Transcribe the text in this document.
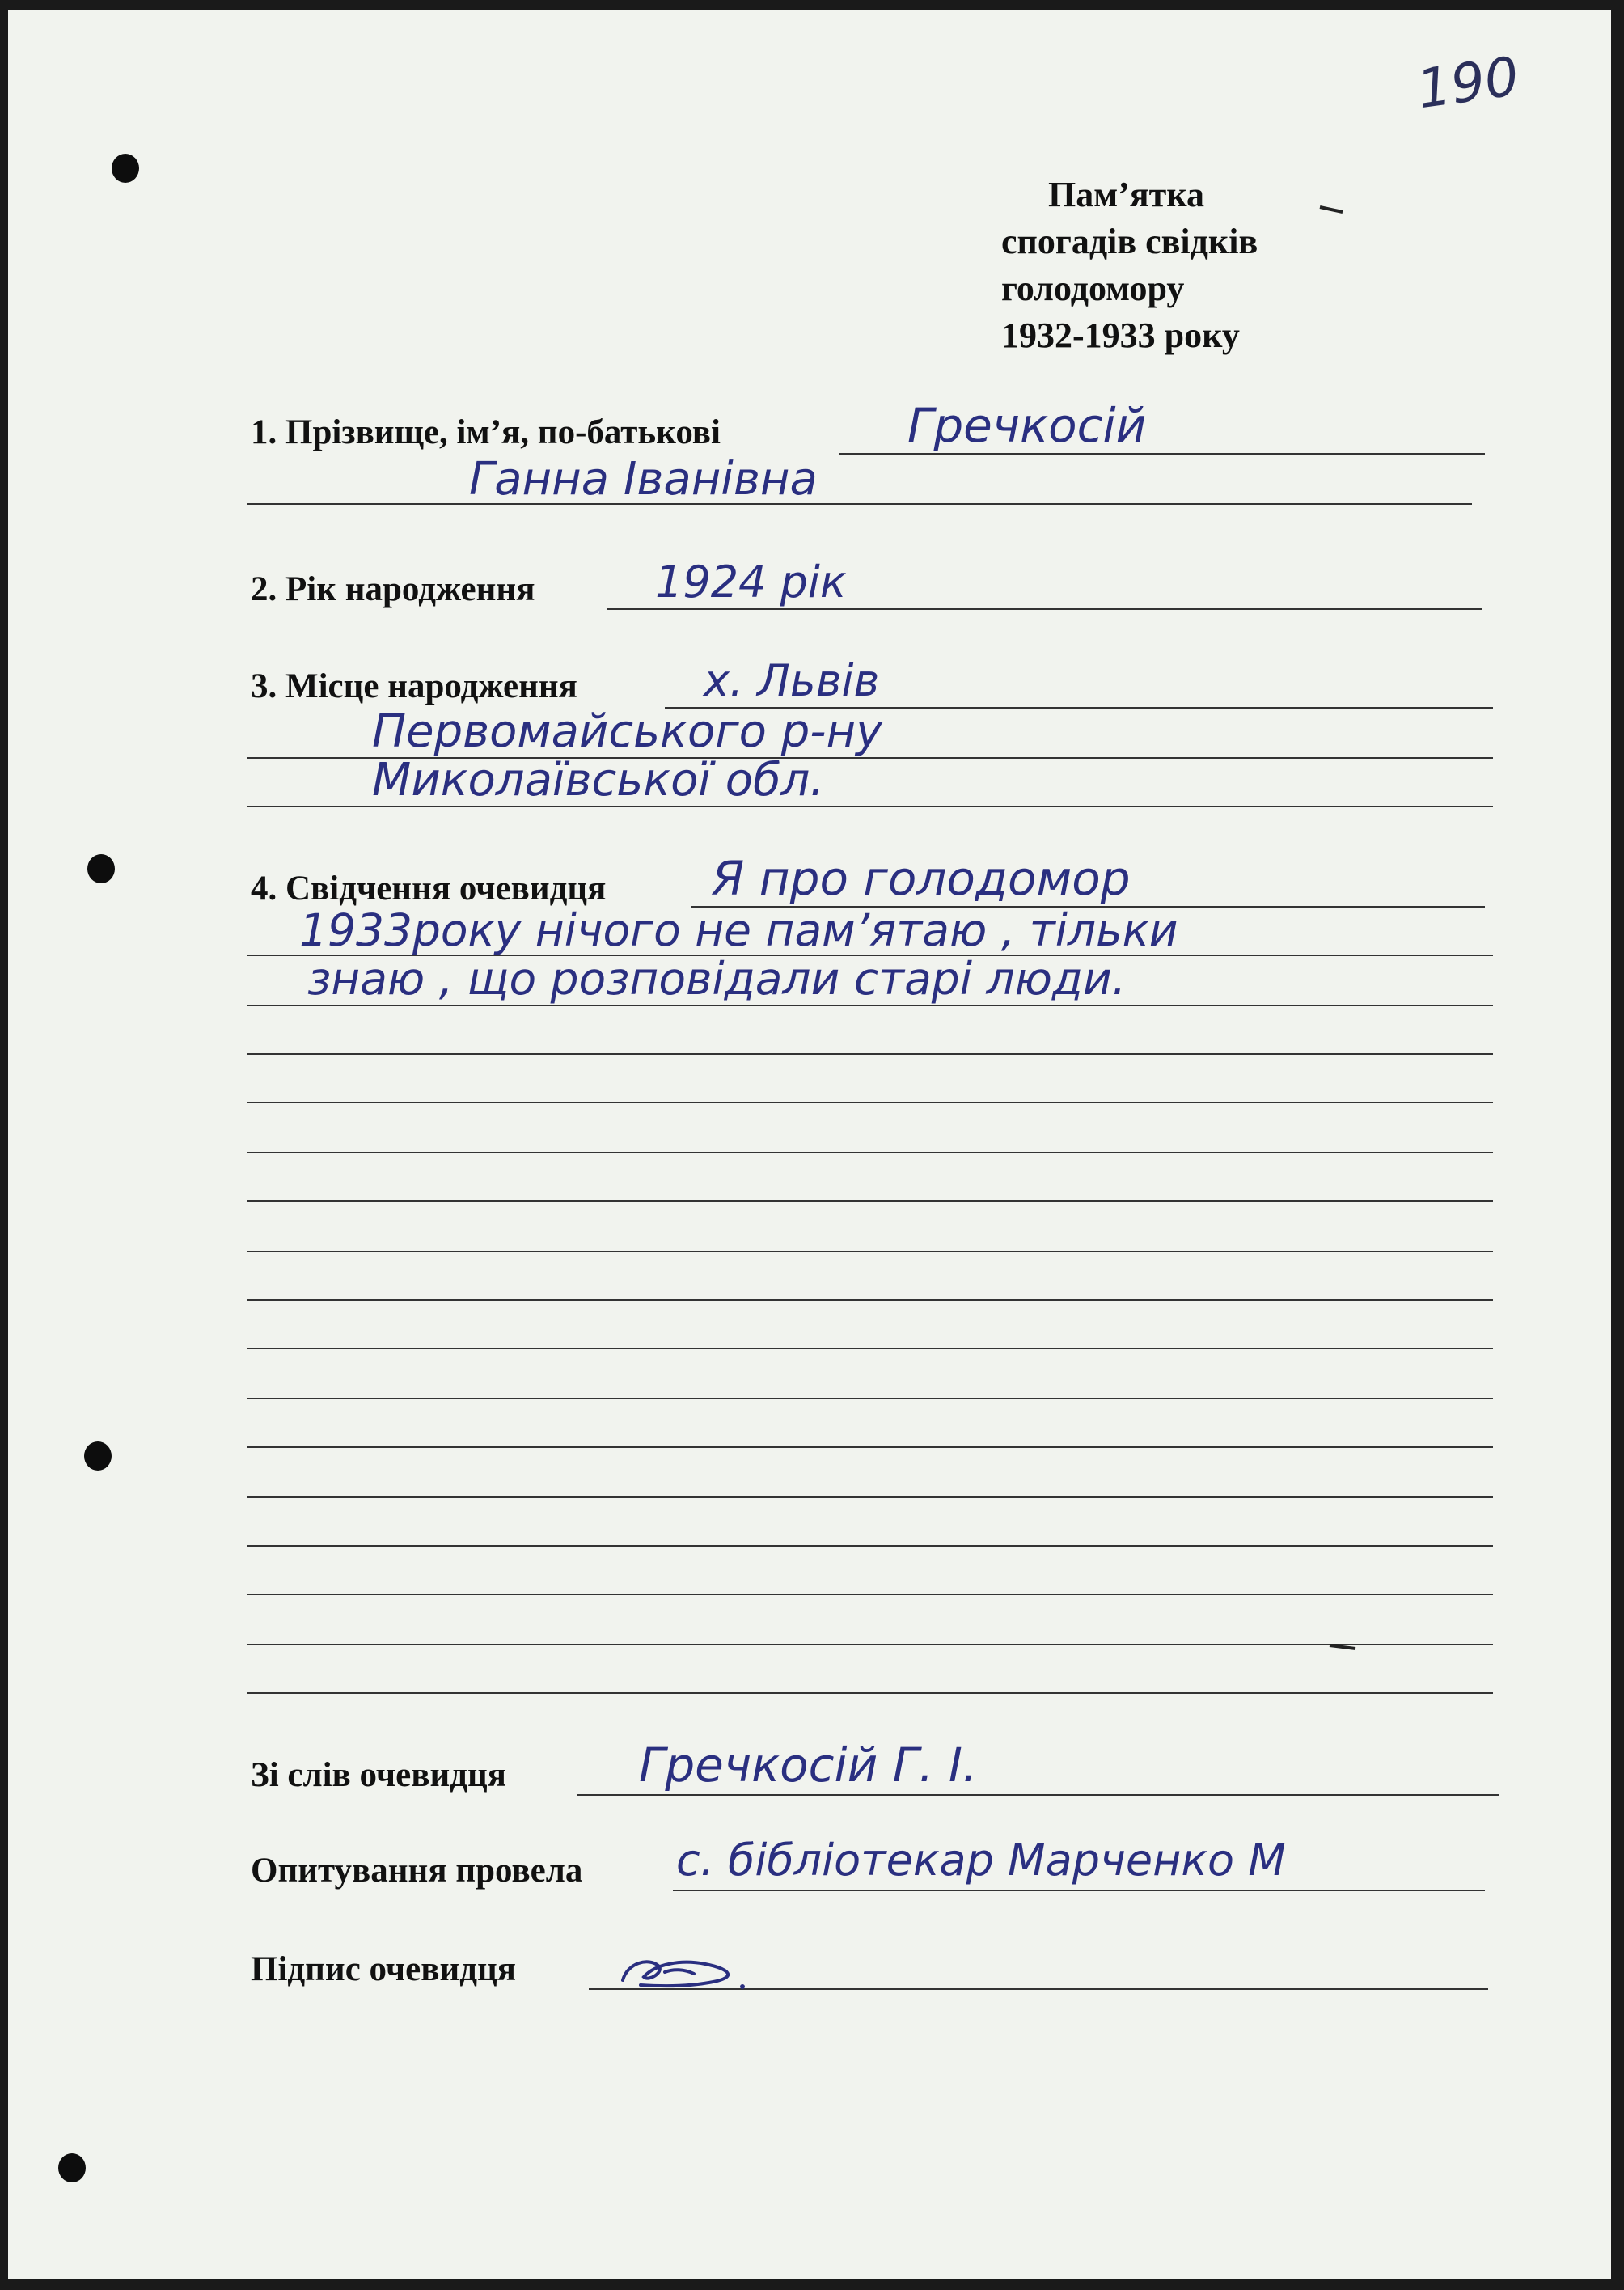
190
Пам’ятка
спогадів свідків
голодомору
1932-1933 року
1. Прізвище, ім’я, по-батькові	Гречкосій
Ганна Іванівна
2. Рік народження	1924 рік
3. Місце народження	х. Львів
Первомайського р-ну
Миколаївської обл.
4. Свідчення очевидця Я про голодомор
1933року нічого не пам’ятаю , тільки
знаю , що розповідали старі люди.
Зі слів очевидця	Гречкосій Г. І.
Опитування провела с. бібліотекар Марченко М
Підпис очевидця
